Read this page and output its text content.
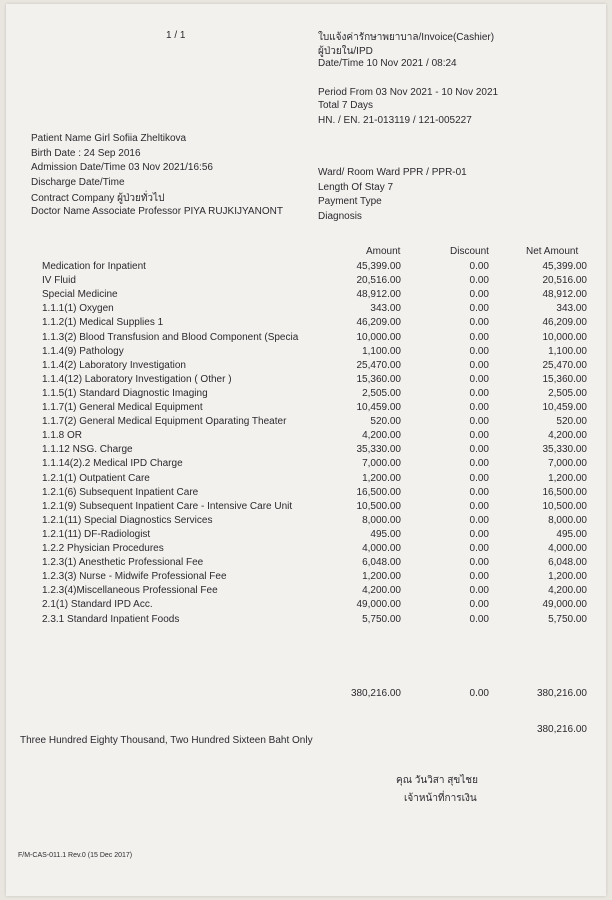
1 / 1	ใบแจ้งค่ารักษาพยาบาล/Invoice(Cashier)
ผู้ป่วยใน/IPD
Date/Time 10 Nov 2021 / 08:24
Period From 03 Nov 2021 - 10 Nov 2021
Total 7 Days
HN. / EN. 21-013119 / 121-005227
Patient Name Girl Sofiia Zheltikova
Birth Date : 24 Sep 2016
Admission Date/Time 03 Nov 2021/16:56
Discharge Date/Time
Contract Company ผู้ป่วยทั่วไป
Doctor Name Associate Professor PIYA RUJKIJYANONT
Ward/ Room Ward PPR / PPR-01
Length Of Stay 7
Payment Type
Diagnosis
Amount	Discount	Net Amount
Medication for Inpatient	45,399.00	0.00	45,399.00
IV Fluid	20,516.00	0.00	20,516.00
Special Medicine	48,912.00	0.00	48,912.00
1.1.1(1) Oxygen	343.00	0.00	343.00
1.1.2(1) Medical Supplies 1	46,209.00	0.00	46,209.00
1.1.3(2) Blood Transfusion and Blood Component (Specia	10,000.00	0.00	10,000.00
1.1.4(9) Pathology	1,100.00	0.00	1,100.00
1.1.4(2) Laboratory Investigation	25,470.00	0.00	25,470.00
1.1.4(12) Laboratory Investigation ( Other )	15,360.00	0.00	15,360.00
1.1.5(1) Standard Diagnostic Imaging	2,505.00	0.00	2,505.00
1.1.7(1) General Medical Equipment	10,459.00	0.00	10,459.00
1.1.7(2) General Medical Equipment Oparating Theater	520.00	0.00	520.00
1.1.8 OR	4,200.00	0.00	4,200.00
1.1.12 NSG. Charge	35,330.00	0.00	35,330.00
1.1.14(2).2 Medical IPD Charge	7,000.00	0.00	7,000.00
1.2.1(1) Outpatient Care	1,200.00	0.00	1,200.00
1.2.1(6) Subsequent Inpatient Care	16,500.00	0.00	16,500.00
1.2.1(9) Subsequent Inpatient Care - Intensive Care Unit	10,500.00	0.00	10,500.00
1.2.1(11) Special Diagnostics Services	8,000.00	0.00	8,000.00
1.2.1(11) DF-Radiologist	495.00	0.00	495.00
1.2.2 Physician Procedures	4,000.00	0.00	4,000.00
1.2.3(1) Anesthetic Professional Fee	6,048.00	0.00	6,048.00
1.2.3(3) Nurse - Midwife Professional Fee	1,200.00	0.00	1,200.00
1.2.3(4)Miscellaneous Professional Fee	4,200.00	0.00	4,200.00
2.1(1) Standard IPD Acc.	49,000.00	0.00	49,000.00
2.3.1 Standard Inpatient Foods	5,750.00	0.00	5,750.00
380,216.00	0.00	380,216.00
380,216.00
Three Hundred Eighty Thousand, Two Hundred Sixteen Baht Only
คุณ วันวิสา สุขไชย
เจ้าหน้าที่การเงิน
F/M-CAS-011.1 Rev.0 (15 Dec 2017)
